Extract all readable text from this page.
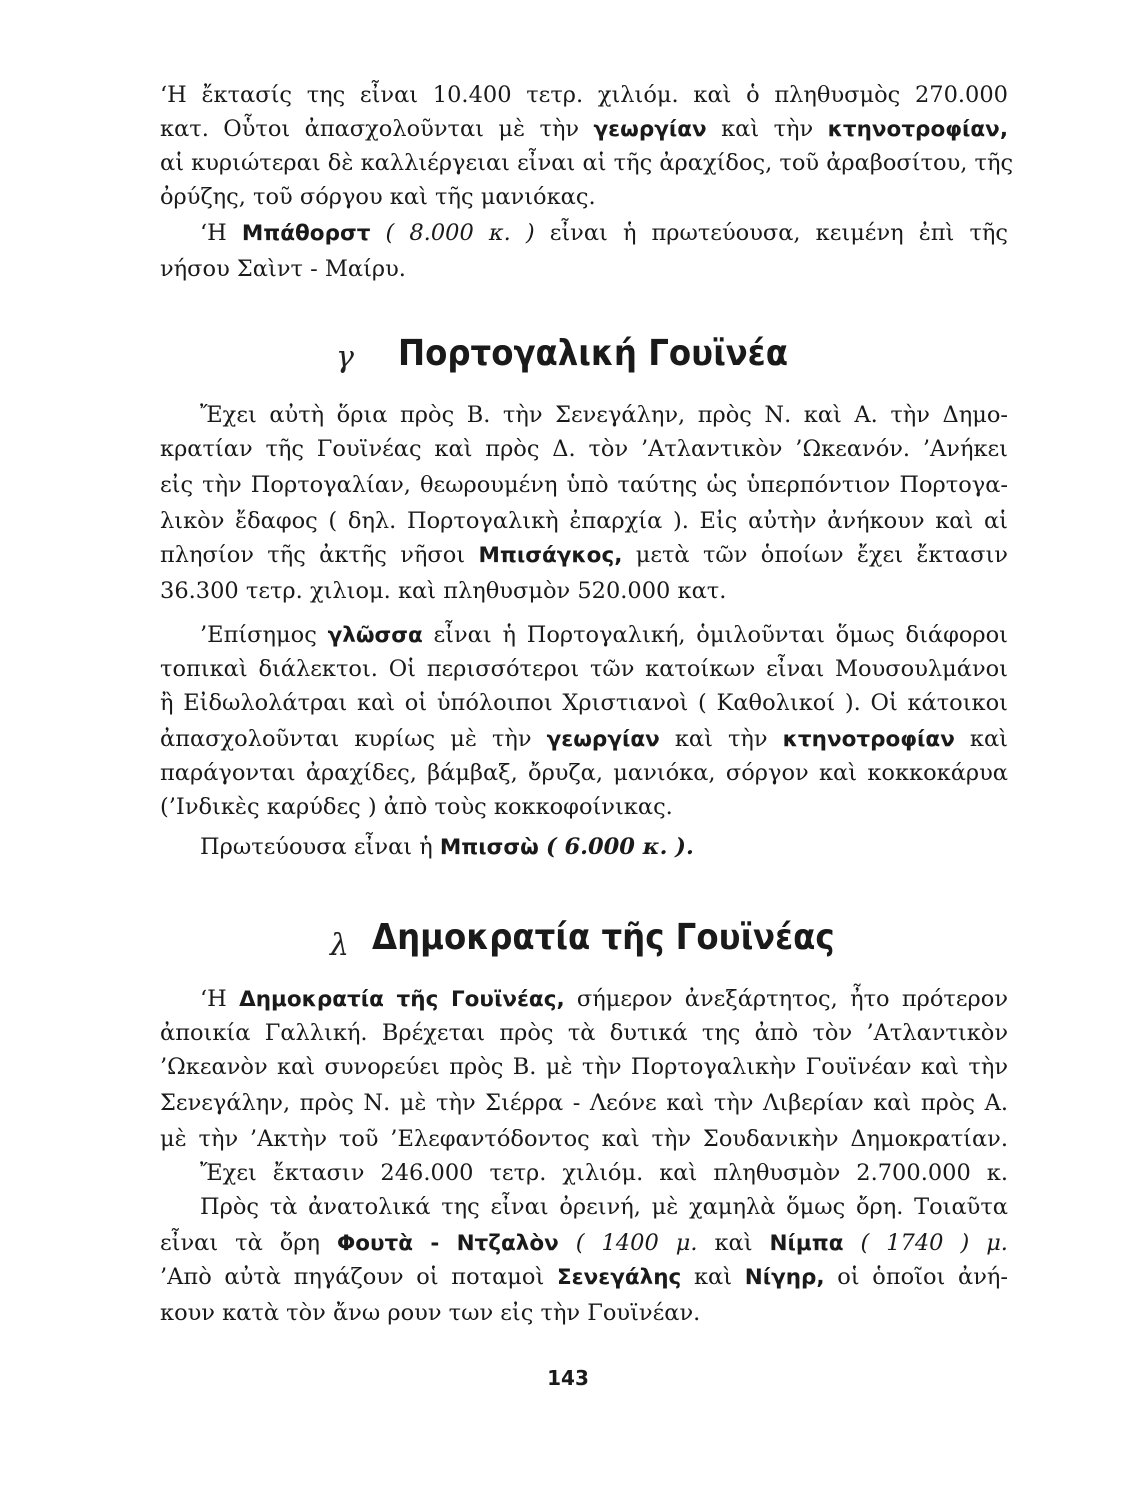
‘Η ἔκτασίς της εἶναι 10.400 τετρ. χιλιόμ. καὶ ὁ πληθυσμὸς 270.000
κατ. Οὗτοι ἀπασχολοῦνται μὲ τὴν γεωργίαν καὶ τὴν κτηνοτροφίαν,
αἱ κυριώτεραι δὲ καλλιέργειαι εἶναι αἱ τῆς ἀραχίδος, τοῦ ἀραβοσίτου, τῆς
ὀρύζης, τοῦ σόργου καὶ τῆς μανιόκας.
‘Η Μπάθορστ ( 8.000 κ. ) εἶναι ἡ πρωτεύουσα, κειμένη ἐπὶ τῆς
νήσου Σαὶντ - Μαίρυ.
γ Πορτογαλική Γουϊνέα
Ἔχει αὐτὴ ὅρια πρὸς Β. τὴν Σενεγάλην, πρὸς Ν. καὶ Α. τὴν Δημο-
κρατίαν τῆς Γουϊνέας καὶ πρὸς Δ. τὸν ’Ατλαντικὸν ’Ωκεανόν. ’Ανήκει
εἰς τὴν Πορτογαλίαν, θεωρουμένη ὑπὸ ταύτης ὡς ὑπερπόντιον Πορτογα-
λικὸν ἔδαφος ( δηλ. Πορτογαλικὴ ἐπαρχία ). Εἰς αὐτὴν ἀνήκουν καὶ αἱ
πλησίον τῆς ἀκτῆς νῆσοι Μπισάγκος, μετὰ τῶν ὁποίων ἔχει ἔκτασιν
36.300 τετρ. χιλιομ. καὶ πληθυσμὸν 520.000 κατ.
’Επίσημος γλῶσσα εἶναι ἡ Πορτογαλική, ὁμιλοῦνται ὅμως διάφοροι
τοπικαὶ διάλεκτοι. Οἱ περισσότεροι τῶν κατοίκων εἶναι Μουσουλμάνοι
ἢ Εἰδωλολάτραι καὶ οἱ ὑπόλοιποι Χριστιανοὶ ( Καθολικοί ). Οἱ κάτοικοι
ἀπασχολοῦνται κυρίως μὲ τὴν γεωργίαν καὶ τὴν κτηνοτροφίαν καὶ
παράγονται ἀραχίδες, βάμβαξ, ὄρυζα, μανιόκα, σόργον καὶ κοκκοκάρυα
(’Ινδικὲς καρύδες ) ἀπὸ τοὺς κοκκοφοίνικας.
Πρωτεύουσα εἶναι ἡ Μπισσὼ ( 6.000 κ. ).
λ Δημοκρατία τῆς Γουϊνέας
‘Η Δημοκρατία τῆς Γουϊνέας, σήμερον ἀνεξάρτητος, ἦτο πρότερον
ἀποικία Γαλλική. Βρέχεται πρὸς τὰ δυτικά της ἀπὸ τὸν ’Ατλαντικὸν
’Ωκεανὸν καὶ συνορεύει πρὸς Β. μὲ τὴν Πορτογαλικὴν Γουϊνέαν καὶ τὴν
Σενεγάλην, πρὸς Ν. μὲ τὴν Σιέρρα - Λεόνε καὶ τὴν Λιβερίαν καὶ πρὸς Α.
μὲ τὴν ’Ακτὴν τοῦ ’Ελεφαντόδοντος καὶ τὴν Σουδανικὴν Δημοκρατίαν.
Ἔχει ἔκτασιν 246.000 τετρ. χιλιόμ. καὶ πληθυσμὸν 2.700.000 κ.
Πρὸς τὰ ἀνατολικά της εἶναι ὀρεινή, μὲ χαμηλὰ ὅμως ὄρη. Τοιαῦτα
εἶναι τὰ ὄρη Φουτὰ - Ντζαλὸν ( 1400 μ. καὶ Νίμπα ( 1740 ) μ.
’Απὸ αὐτὰ πηγάζουν οἱ ποταμοὶ Σενεγάλης καὶ Νίγηρ, οἱ ὁποῖοι ἀνή-
κουν κατὰ τὸν ἄνω ρουν των εἰς τὴν Γουϊνέαν.
143
